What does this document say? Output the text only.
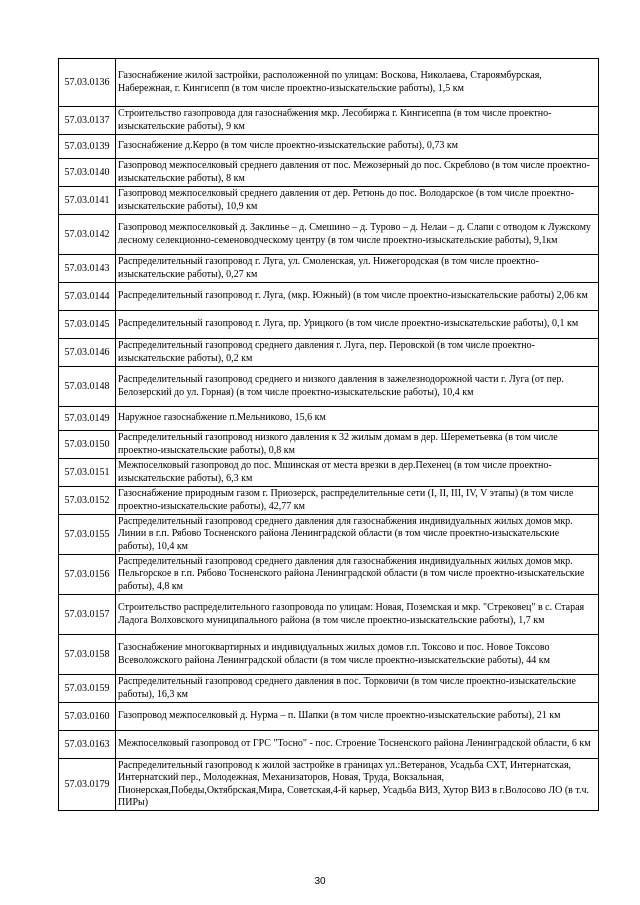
57.03.0136	Газоснабжение жилой застройки, расположенной по улицам: Воскова, Николаева, Староямбурская, Набережная, г. Кингисепп (в том числе проектно-изыскательские работы), 1,5 км
57.03.0137	Строительство газопровода для газоснабжения мкр. Лесобиржа г. Кингисеппа (в том числе проектно-изыскательские работы), 9 км
57.03.0139	Газоснабжение д.Керро (в том числе проектно-изыскательские работы), 0,73 км
57.03.0140	Газопровод межпоселковый среднего давления от пос. Межозерный до пос. Скреблово (в том числе проектно-изыскательские работы), 8 км
57.03.0141	Газопровод межпоселковый среднего давления от дер. Ретюнь до пос. Володарское (в том числе проектно-изыскательские работы), 10,9 км
57.03.0142	Газопровод межпоселковый д. Заклинье – д. Смешино – д. Турово – д. Нелаи – д. Слапи с отводом к Лужскому лесному селекционно-семеноводческому центру (в том числе проектно-изыскательские работы), 9,1км
57.03.0143	Распределительный газопровод г. Луга, ул. Смоленская, ул. Нижегородская (в том числе проектно-изыскательские работы), 0,27 км
57.03.0144	Распределительный газопровод г. Луга, (мкр. Южный) (в том числе проектно-изыскательские работы) 2,06 км
57.03.0145	Распределительный газопровод г. Луга, пр. Урицкого (в том числе проектно-изыскательские работы), 0,1 км
57.03.0146	Распределительный газопровод среднего давления г. Луга, пер. Перовской (в том числе проектно-изыскательские работы), 0,2 км
57.03.0148	Распределительный газопровод среднего и низкого давления в зажелезнодорожной части г. Луга (от пер. Белозерский до ул. Горная) (в том числе проектно-изыскательские работы), 10,4 км
57.03.0149	Наружное газоснабжение п.Мельниково, 15,6 км
57.03.0150	Распределительный газопровод низкого давления к 32 жилым домам в дер. Шереметьевка (в том числе проектно-изыскательские работы), 0,8 км
57.03.0151	Межпоселковый газопровод до пос. Мшинская от места врезки в дер.Пехенец (в том числе проектно-изыскательские работы), 6,3 км
57.03.0152	Газоснабжение природным газом г. Приозерск, распределительные сети (I, II, III, IV, V этапы) (в том числе проектно-изыскательские работы), 42,77 км
57.03.0155	Распределительный газопровод среднего давления для газоснабжения индивидуальных жилых домов мкр. Линии в г.п. Рябово Тосненского района Ленинградской области (в том числе проектно-изыскательские работы), 10,4 км
57.03.0156	Распределительный газопровод среднего давления для газоснабжения индивидуальных жилых домов мкр. Пельгорское в г.п. Рябово Тосненского района Ленинградской области (в том числе проектно-изыскательские работы), 4,8 км
57.03.0157	Строительство распределительного газопровода по улицам: Новая, Поземская и мкр. "Стрековец" в с. Старая Ладога Волховского муниципального района (в том числе проектно-изыскательские работы), 1,7 км
57.03.0158	Газоснабжение многоквартирных и индивидуальных жилых домов г.п. Токсово и пос. Новое Токсово Всеволожского района Ленинградской области (в том числе проектно-изыскательские работы), 44 км
57.03.0159	Распределительный газопровод среднего давления в пос. Торковичи (в том числе проектно-изыскательские работы), 16,3 км
57.03.0160	Газопровод межпоселковый д. Нурма – п. Шапки (в том числе проектно-изыскательские работы), 21 км
57.03.0163	Межпоселковый газопровод от ГРС "Тосно" - пос. Строение Тосненского района Ленинградской области, 6 км
57.03.0179	Распределительный газопровод к жилой застройке в границах ул.:Ветеранов, Усадьба СХТ, Интернатская, Интернатский пер., Молодежная, Механизаторов, Новая, Труда, Вокзальная, Пионерская,Победы,Октябрская,Мира, Советская,4-й карьер, Усадьба ВИЗ, Хутор ВИЗ в г.Волосово ЛО (в т.ч. ПИРы)
30
